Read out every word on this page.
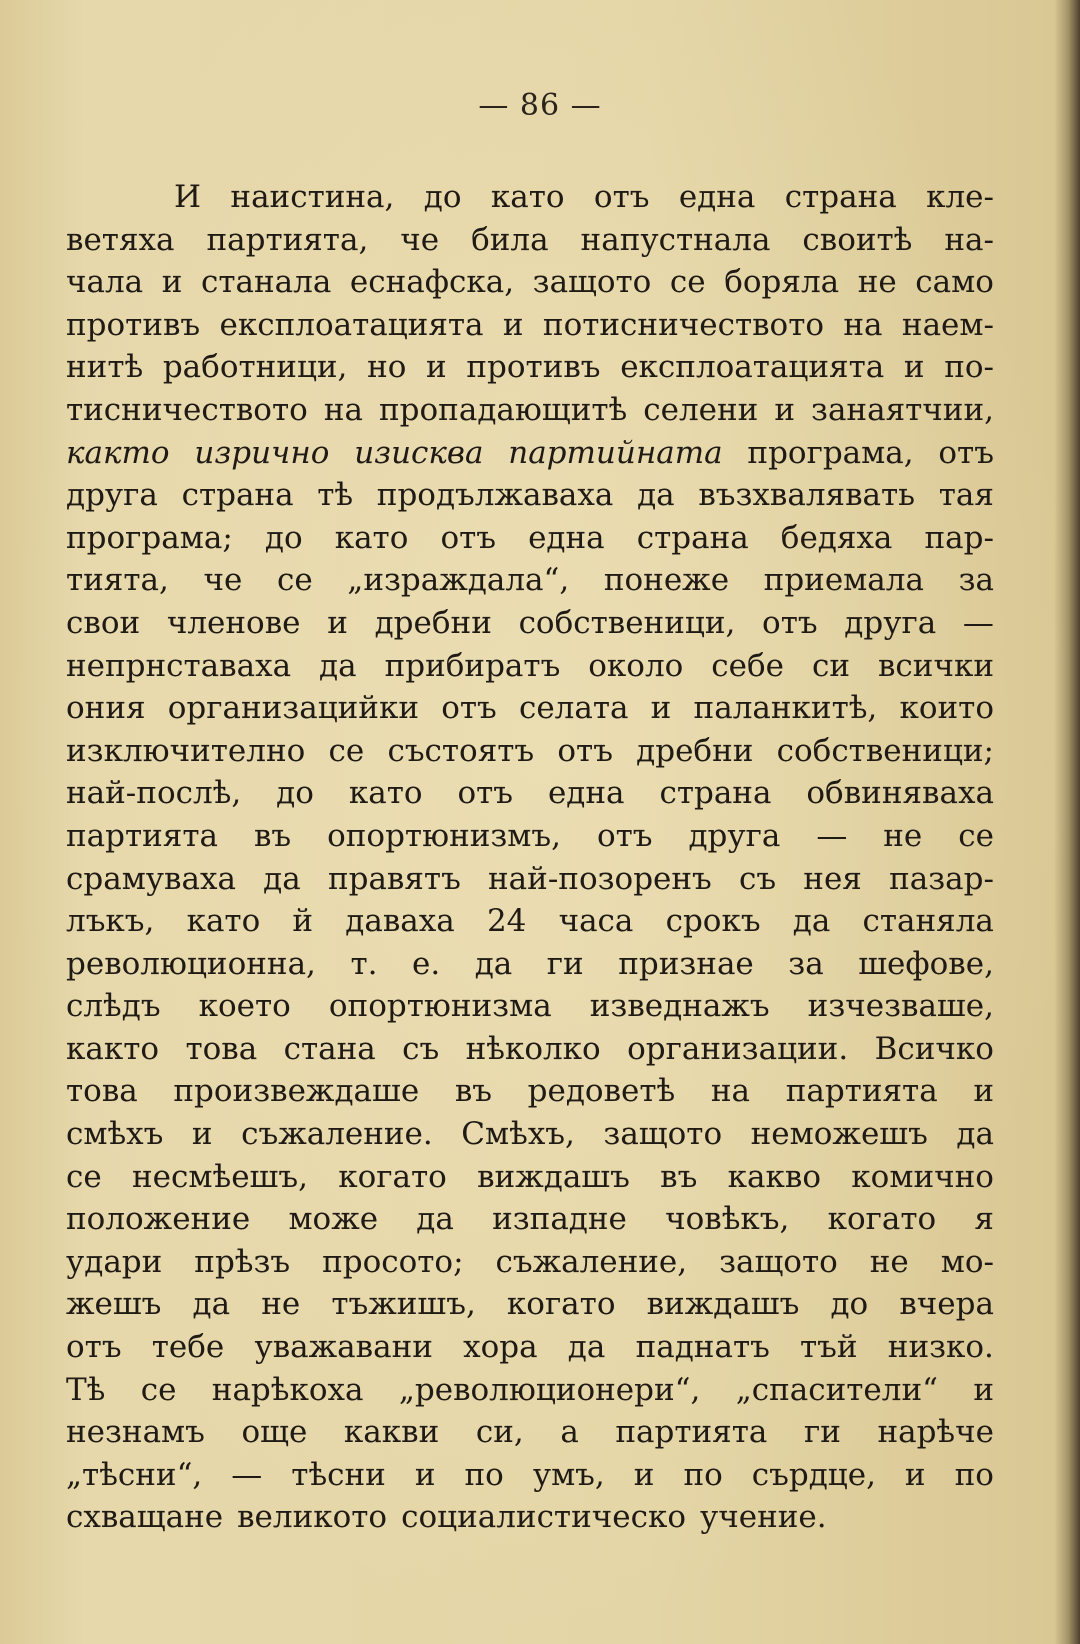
— 86 —
И наистина, до като отъ една страна кле-
ветяха партията, че била напустнала своитѣ на-
чала и станала еснафска, защото се боряла не само
противъ експлоатацията и потисничеството на наем-
нитѣ работници, но и противъ експлоатацията и по-
тисничеството на пропадающитѣ селени и занаятчии,
както изрично изисква партийната програма, отъ
друга страна тѣ продължаваха да възхвалявать тая
програма; до като отъ една страна бедяха пар-
тията, че се „израждала“, понеже приемала за
свои членове и дребни собственици, отъ друга —
непрнставаха да прибиратъ около себе си всички
ония организацийки отъ селата и паланкитѣ, които
изключително се състоятъ отъ дребни собственици;
най-послѣ, до като отъ една страна обвиняваха
партията въ опортюнизмъ, отъ друга — не се
срамуваха да правятъ най-позоренъ съ нея пазар-
лъкъ, като й даваха 24 часа срокъ да станяла
революционна, т. е. да ги признае за шефове,
слѣдъ което опортюнизма изведнажъ изчезваше,
както това стана съ нѣколко организации. Всичко
това произвеждаше въ редоветѣ на партията и
смѣхъ и съжаление. Смѣхъ, защото неможешъ да
се несмѣешъ, когато виждашъ въ какво комично
положение може да изпадне човѣкъ, когато я
удари прѣзъ просото; съжаление, защото не мо-
жешъ да не тъжишъ, когато виждашъ до вчера
отъ тебе уважавани хора да паднатъ тъй низко.
Тѣ се нарѣкоха „революционери“, „спасители“ и
незнамъ още какви си, а партията ги нарѣче
„тѣсни“, — тѣсни и по умъ, и по сърдце, и по
схващане великото социалистическо учение.
